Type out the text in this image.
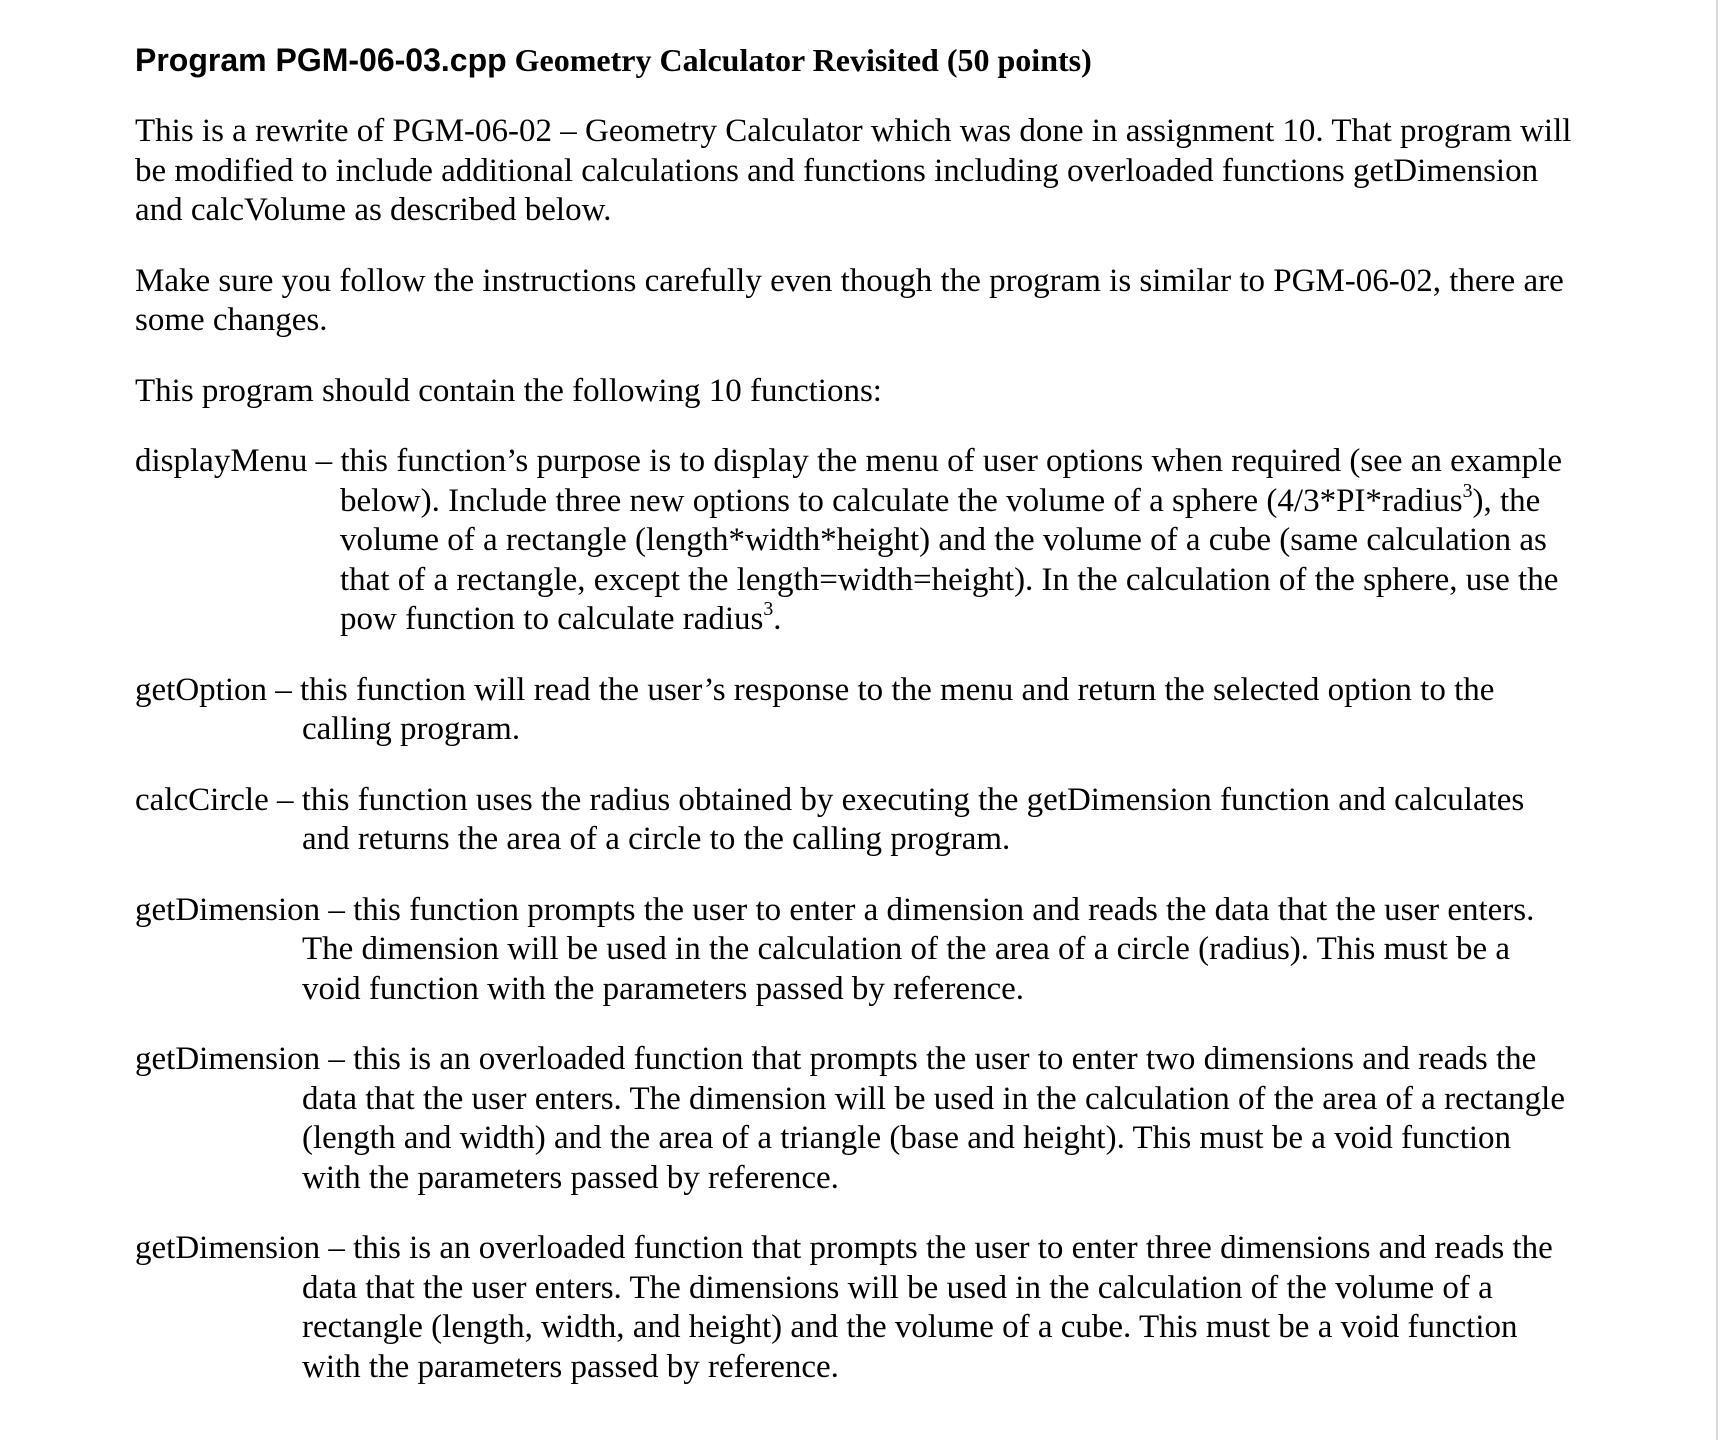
Program PGM-06-03.cpp Geometry Calculator Revisited (50 points)

This is a rewrite of PGM-06-02 – Geometry Calculator which was done in assignment 10. That program will be modified to include additional calculations and functions including overloaded functions getDimension and calcVolume as described below.

Make sure you follow the instructions carefully even though the program is similar to PGM-06-02, there are some changes.

This program should contain the following 10 functions:

displayMenu – this function’s purpose is to display the menu of user options when required (see an example below). Include three new options to calculate the volume of a sphere (4/3*PI*radius$^3$), the volume of a rectangle (length*width*height) and the volume of a cube (same calculation as that of a rectangle, except the length=width=height). In the calculation of the sphere, use the pow function to calculate radius$^3$.

getOption – this function will read the user’s response to the menu and return the selected option to the calling program.

calcCircle – this function uses the radius obtained by executing the getDimension function and calculates and returns the area of a circle to the calling program.

getDimension – this function prompts the user to enter a dimension and reads the data that the user enters. The dimension will be used in the calculation of the area of a circle (radius). This must be a void function with the parameters passed by reference.

getDimension – this is an overloaded function that prompts the user to enter two dimensions and reads the data that the user enters. The dimension will be used in the calculation of the area of a rectangle (length and width) and the area of a triangle (base and height). This must be a void function with the parameters passed by reference.

getDimension – this is an overloaded function that prompts the user to enter three dimensions and reads the data that the user enters. The dimensions will be used in the calculation of the volume of a rectangle (length, width, and height) and the volume of a cube. This must be a void function with the parameters passed by reference.
